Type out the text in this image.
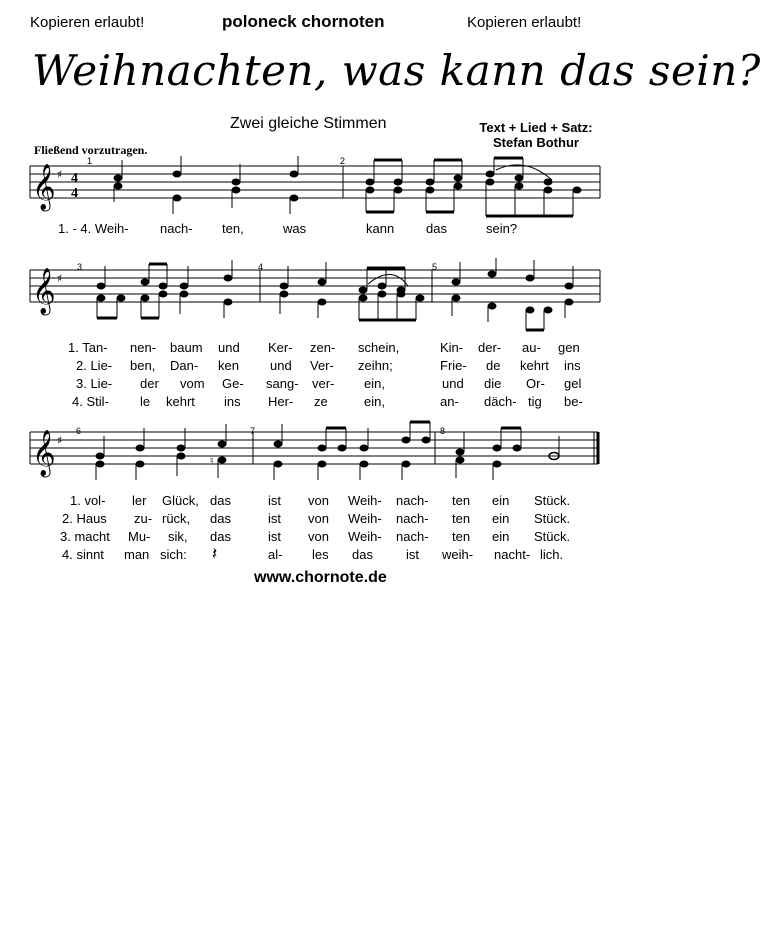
Kopieren erlaubt!	poloneck chornoten	Kopieren erlaubt!
Weihnachten, was kann das sein?
Zwei gleiche Stimmen	Text + Lied + Satz:
Stefan Bothur
Fließend vorzutragen.
𝄞 ♯ 4
4
1	2
1. - 4. Weih- nach- ten,	was	kann das	sein?
𝄞 ♯
3	4	5
1. Tan- nen- baum und Ker- zen- schein,	Kin- der- au- gen
2. Lie- ben, Dan- ken und Ver- zeihn;	Frie- de kehrt ins
3. Lie- der vom Ge- sang- ver- ein,	und die Or- gel
4. Stil- le kehrt ins Her- ze	ein,	an- däch- tig be-
𝄞 ♯
6	7	8
♮
1. vol- ler Glück, das	ist von Weih- nach- ten ein Stück.
2. Haus zu- rück, das	ist von Weih- nach- ten ein Stück.
3. macht Mu- sik, das	ist von Weih- nach- ten ein Stück.
4. sinnt man sich: 𝄽	al- les das	ist weih- nacht- lich.
www.chornote.de
